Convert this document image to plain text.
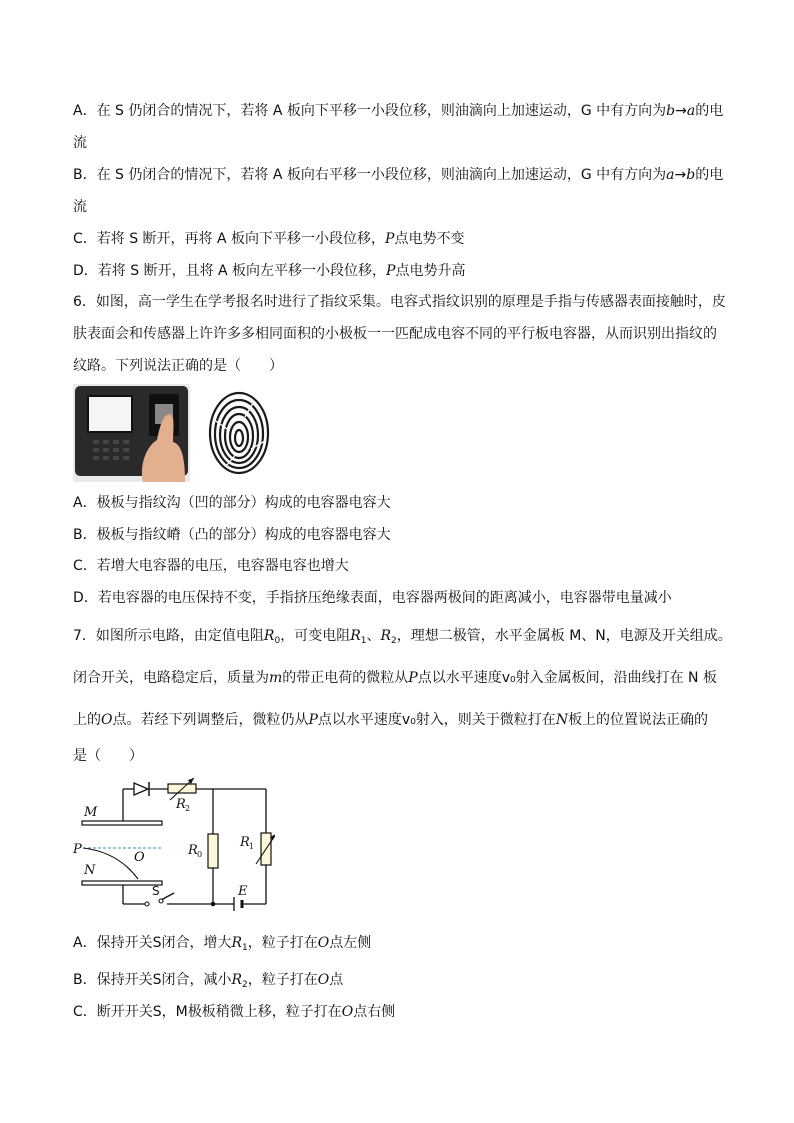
A．在 S 仍闭合的情况下，若将 A 板向下平移一小段位移，则油滴向上加速运动，G 中有方向为b→a的电
流
B．在 S 仍闭合的情况下，若将 A 板向右平移一小段位移，则油滴向上加速运动，G 中有方向为a→b的电
流
C．若将 S 断开，再将 A 板向下平移一小段位移，P点电势不变
D．若将 S 断开，且将 A 板向左平移一小段位移，P点电势升高
6．如图，高一学生在学考报名时进行了指纹采集。电容式指纹识别的原理是手指与传感器表面接触时，皮
肤表面会和传感器上许许多多相同面积的小极板一一匹配成电容不同的平行板电容器，从而识别出指纹的
纹路。下列说法正确的是（　　）
A．极板与指纹沟（凹的部分）构成的电容器电容大
B．极板与指纹嵴（凸的部分）构成的电容器电容大
C．若增大电容器的电压，电容器电容也增大
D．若电容器的电压保持不变，手指挤压绝缘表面，电容器两极间的距离减小，电容器带电量减小
7．如图所示电路，由定值电阻$R_0$，可变电阻$R_1$、$R_2$，理想二极管，水平金属板 M、N，电源及开关组成。
闭合开关，电路稳定后，质量为m的带正电荷的微粒从P点以水平速度v₀射入金属板间，沿曲线打在 N 板
上的O点。若经下列调整后，微粒仍从P点以水平速度v₀射入，则关于微粒打在N板上的位置说法正确的
是（　　）
M
P
O
N
R
R
R
E
2
0
1
S
A．保持开关S闭合，增大$R_1$，粒子打在O点左侧
B．保持开关S闭合，减小$R_2$，粒子打在O点
C．断开开关S，M极板稍微上移，粒子打在O点右侧
